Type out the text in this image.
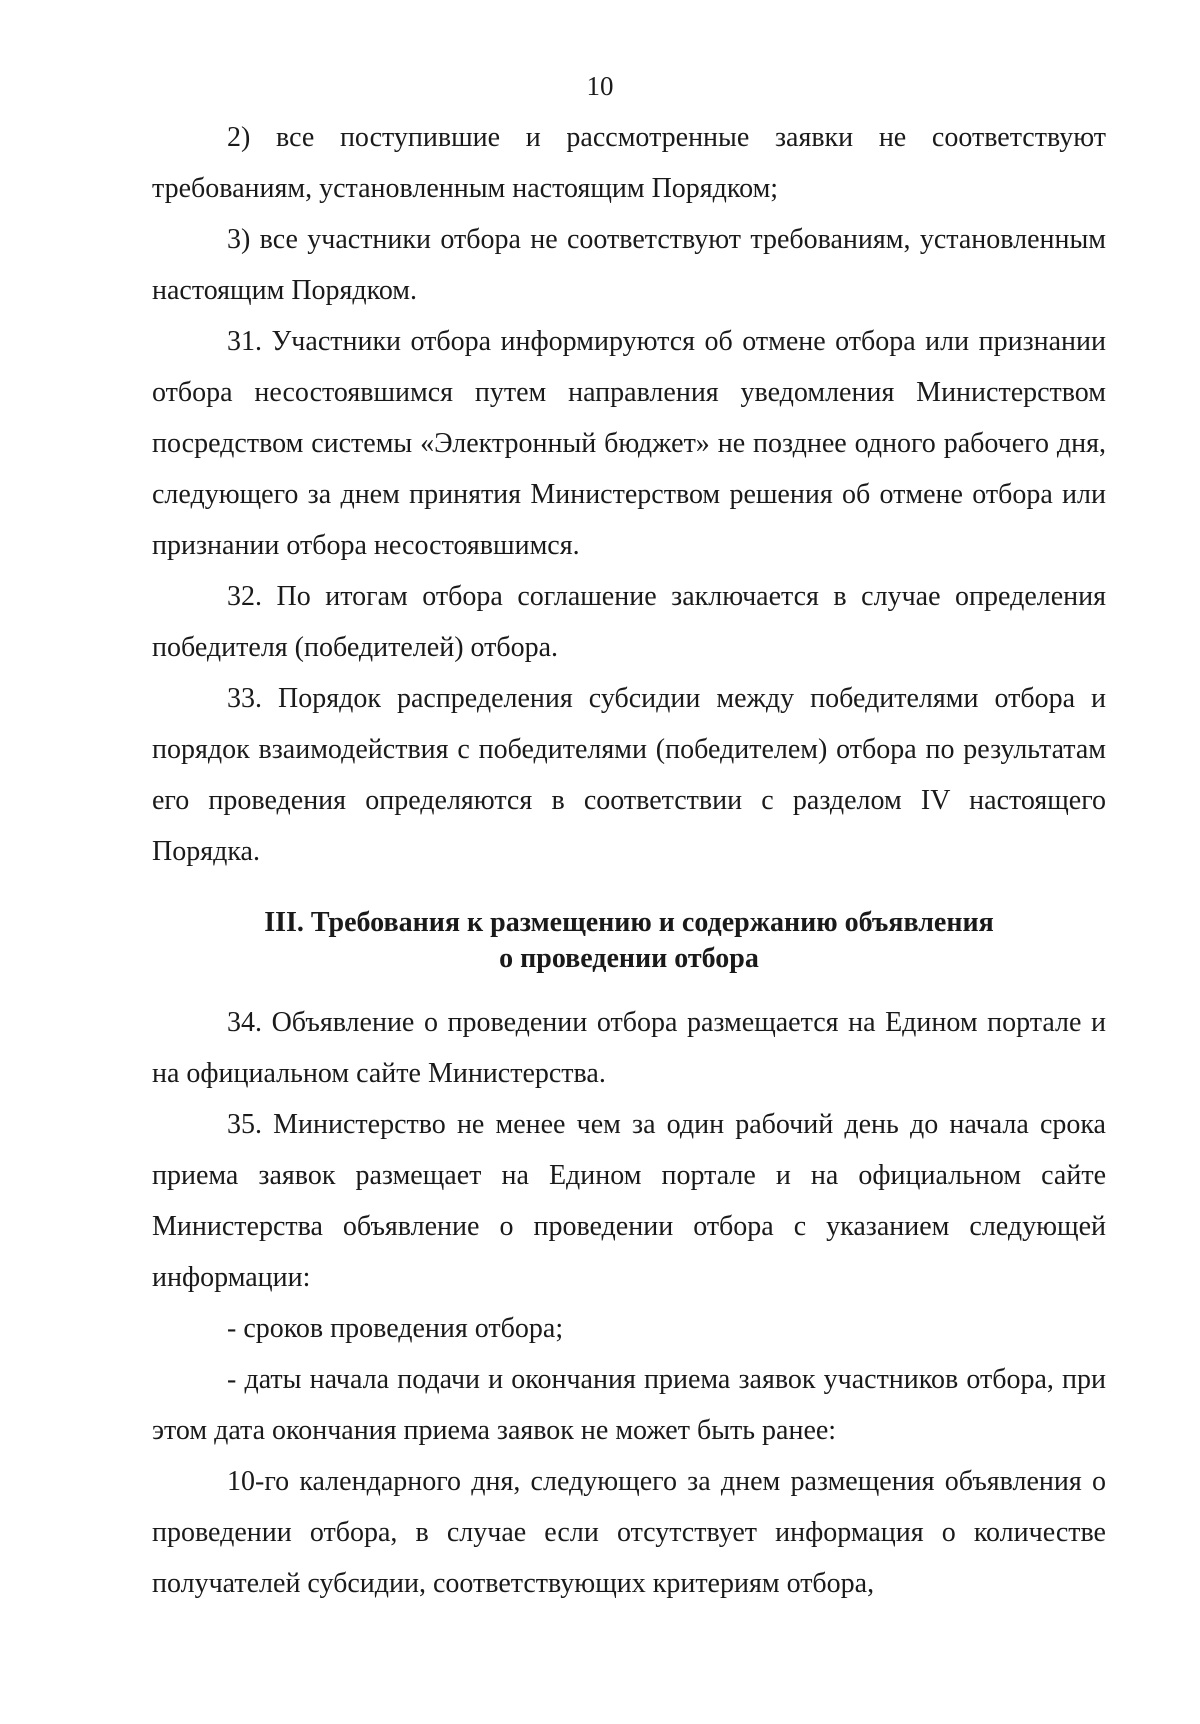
10

2) все поступившие и рассмотренные заявки не соответствуют требованиям, установленным настоящим Порядком;

3) все участники отбора не соответствуют требованиям, установленным настоящим Порядком.

31. Участники отбора информируются об отмене отбора или признании отбора несостоявшимся путем направления уведомления Министерством посредством системы «Электронный бюджет» не позднее одного рабочего дня, следующего за днем принятия Министерством решения об отмене отбора или признании отбора несостоявшимся.

32. По итогам отбора соглашение заключается в случае определения победителя (победителей) отбора.

33. Порядок распределения субсидии между победителями отбора и порядок взаимодействия с победителями (победителем) отбора по результатам его проведения определяются в соответствии с разделом IV настоящего Порядка.

III. Требования к размещению и содержанию объявления
о проведении отбора

34. Объявление о проведении отбора размещается на Едином портале и на официальном сайте Министерства.

35. Министерство не менее чем за один рабочий день до начала срока приема заявок размещает на Едином портале и на официальном сайте Министерства объявление о проведении отбора с указанием следующей информации:

- сроков проведения отбора;

- даты начала подачи и окончания приема заявок участников отбора, при этом дата окончания приема заявок не может быть ранее:

10-го календарного дня, следующего за днем размещения объявления о проведении отбора, в случае если отсутствует информация о количестве получателей субсидии, соответствующих критериям отбора,
